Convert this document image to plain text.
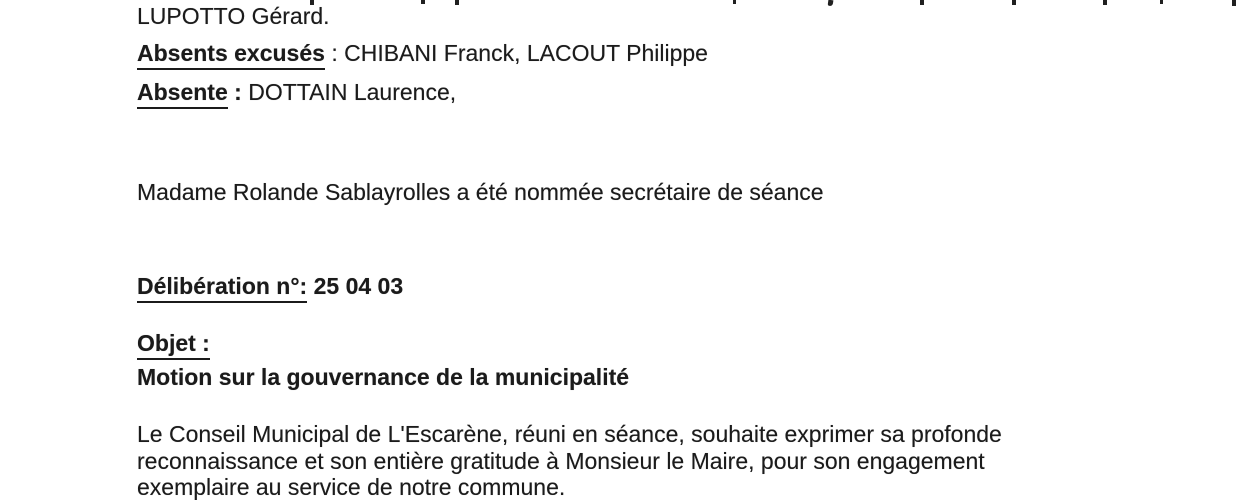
LUPOTTO Gérard.
Absents excusés : CHIBANI Franck, LACOUT Philippe
Absente : DOTTAIN Laurence,
Madame Rolande Sablayrolles a été nommée secrétaire de séance
Délibération n°: 25 04 03
Objet :
Motion sur la gouvernance de la municipalité
Le Conseil Municipal de L'Escarène, réuni en séance, souhaite exprimer sa profonde
reconnaissance et son entière gratitude à Monsieur le Maire, pour son engagement
exemplaire au service de notre commune.
